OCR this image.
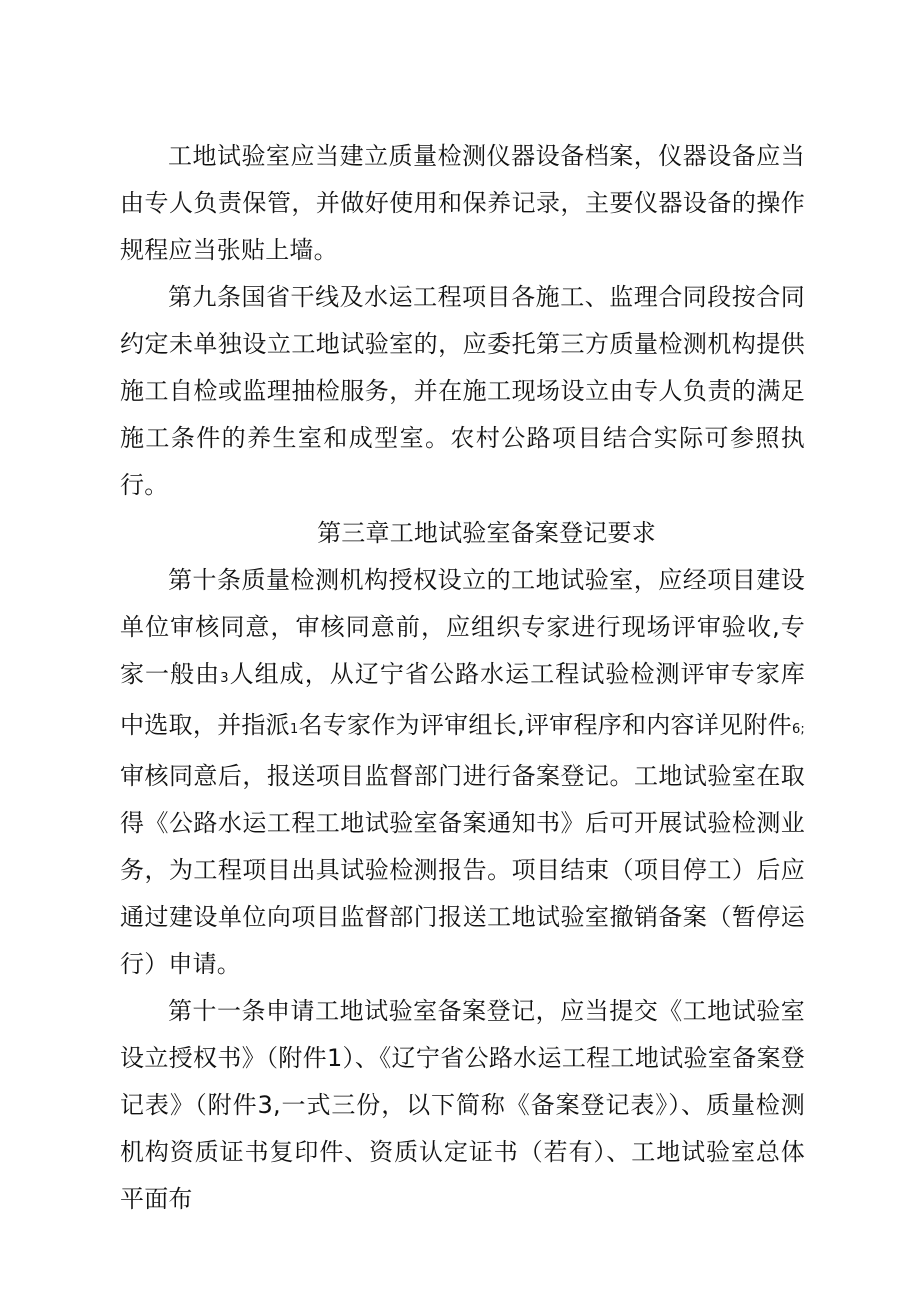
工地试验室应当建立质量检测仪器设备档案，仪器设备应当由专人负责保管，并做好使用和保养记录，主要仪器设备的操作规程应当张贴上墙。

第九条国省干线及水运工程项目各施工、监理合同段按合同约定未单独设立工地试验室的，应委托第三方质量检测机构提供施工自检或监理抽检服务，并在施工现场设立由专人负责的满足施工条件的养生室和成型室。农村公路项目结合实际可参照执行。

第三章工地试验室备案登记要求

第十条质量检测机构授权设立的工地试验室，应经项目建设单位审核同意，审核同意前，应组织专家进行现场评审验收,专家一般由3人组成，从辽宁省公路水运工程试验检测评审专家库中选取，并指派1名专家作为评审组长,评审程序和内容详见附件6;审核同意后，报送项目监督部门进行备案登记。工地试验室在取得《公路水运工程工地试验室备案通知书》后可开展试验检测业务，为工程项目出具试验检测报告。项目结束（项目停工）后应通过建设单位向项目监督部门报送工地试验室撤销备案（暂停运行）申请。

第十一条申请工地试验室备案登记，应当提交《工地试验室设立授权书》（附件1）、《辽宁省公路水运工程工地试验室备案登记表》（附件3,一式三份，以下简称《备案登记表》）、质量检测机构资质证书复印件、资质认定证书（若有）、工地试验室总体平面布
